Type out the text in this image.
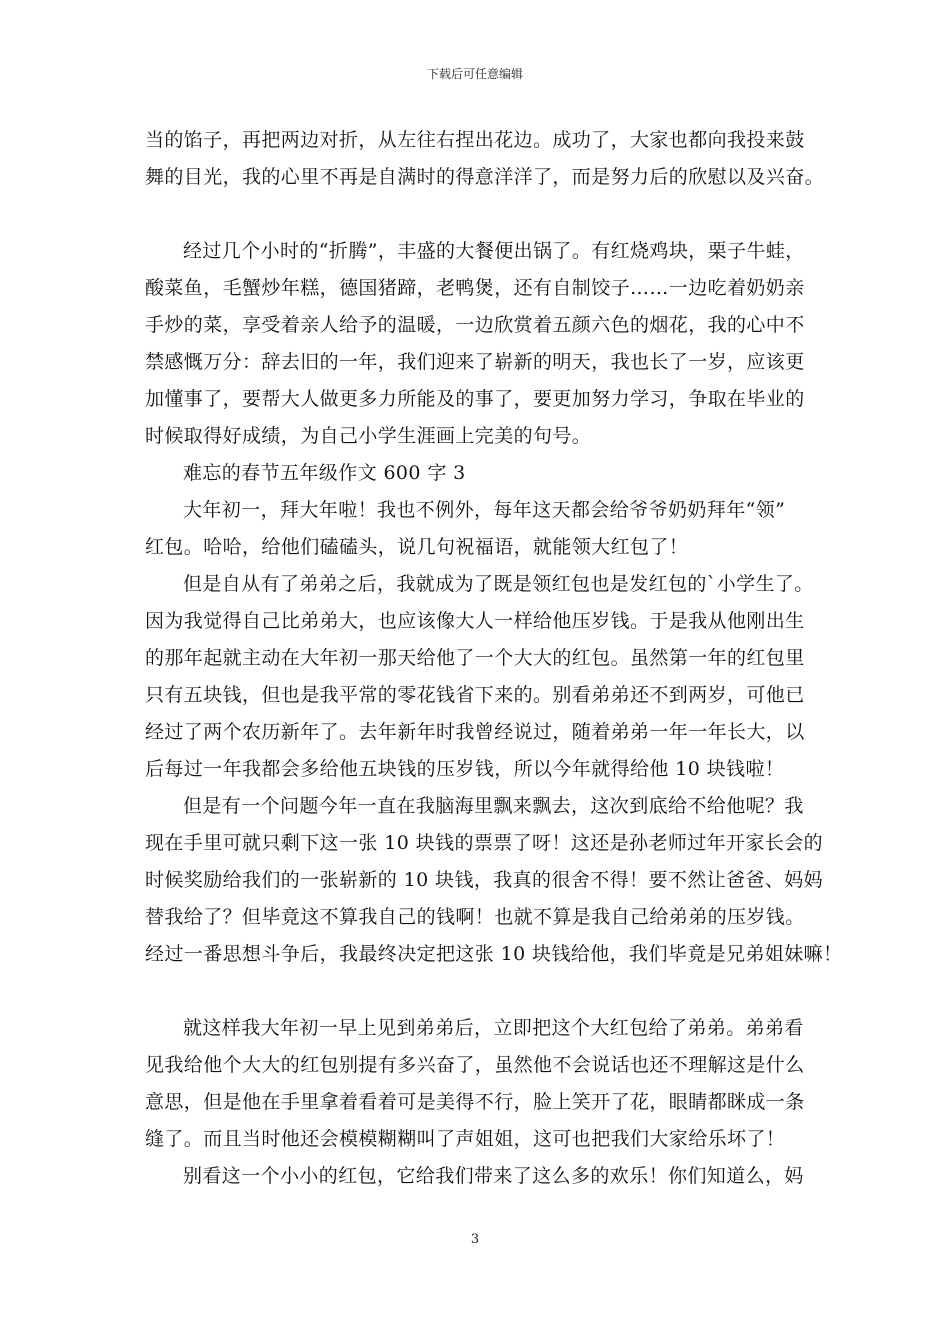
下载后可任意编辑
当的馅子，再把两边对折，从左往右捏出花边。成功了，大家也都向我投来鼓
舞的目光，我的心里不再是自满时的得意洋洋了，而是努力后的欣慰以及兴奋。
经过几个小时的“折腾”，丰盛的大餐便出锅了。有红烧鸡块，栗子牛蛙，
酸菜鱼，毛蟹炒年糕，德国猪蹄，老鸭煲，还有自制饺子……一边吃着奶奶亲
手炒的菜，享受着亲人给予的温暖，一边欣赏着五颜六色的烟花，我的心中不
禁感慨万分：辞去旧的一年，我们迎来了崭新的明天，我也长了一岁，应该更
加懂事了，要帮大人做更多力所能及的事了，要更加努力学习，争取在毕业的
时候取得好成绩，为自己小学生涯画上完美的句号。
难忘的春节五年级作文 600 字 3
大年初一，拜大年啦！我也不例外，每年这天都会给爷爷奶奶拜年“领”
红包。哈哈，给他们磕磕头，说几句祝福语，就能领大红包了！
但是自从有了弟弟之后，我就成为了既是领红包也是发红包的`小学生了。
因为我觉得自己比弟弟大，也应该像大人一样给他压岁钱。于是我从他刚出生
的那年起就主动在大年初一那天给他了一个大大的红包。虽然第一年的红包里
只有五块钱，但也是我平常的零花钱省下来的。别看弟弟还不到两岁，可他已
经过了两个农历新年了。去年新年时我曾经说过，随着弟弟一年一年长大，以
后每过一年我都会多给他五块钱的压岁钱，所以今年就得给他 10 块钱啦！
但是有一个问题今年一直在我脑海里飘来飘去，这次到底给不给他呢？我
现在手里可就只剩下这一张 10 块钱的票票了呀！这还是孙老师过年开家长会的
时候奖励给我们的一张崭新的 10 块钱，我真的很舍不得！要不然让爸爸、妈妈
替我给了？但毕竟这不算我自己的钱啊！也就不算是我自己给弟弟的压岁钱。
经过一番思想斗争后，我最终决定把这张 10 块钱给他，我们毕竟是兄弟姐妹嘛！
就这样我大年初一早上见到弟弟后，立即把这个大红包给了弟弟。弟弟看
见我给他个大大的红包别提有多兴奋了，虽然他不会说话也还不理解这是什么
意思，但是他在手里拿着看着可是美得不行，脸上笑开了花，眼睛都眯成一条
缝了。而且当时他还会模模糊糊叫了声姐姐，这可也把我们大家给乐坏了！
别看这一个小小的红包，它给我们带来了这么多的欢乐！你们知道么，妈
3
